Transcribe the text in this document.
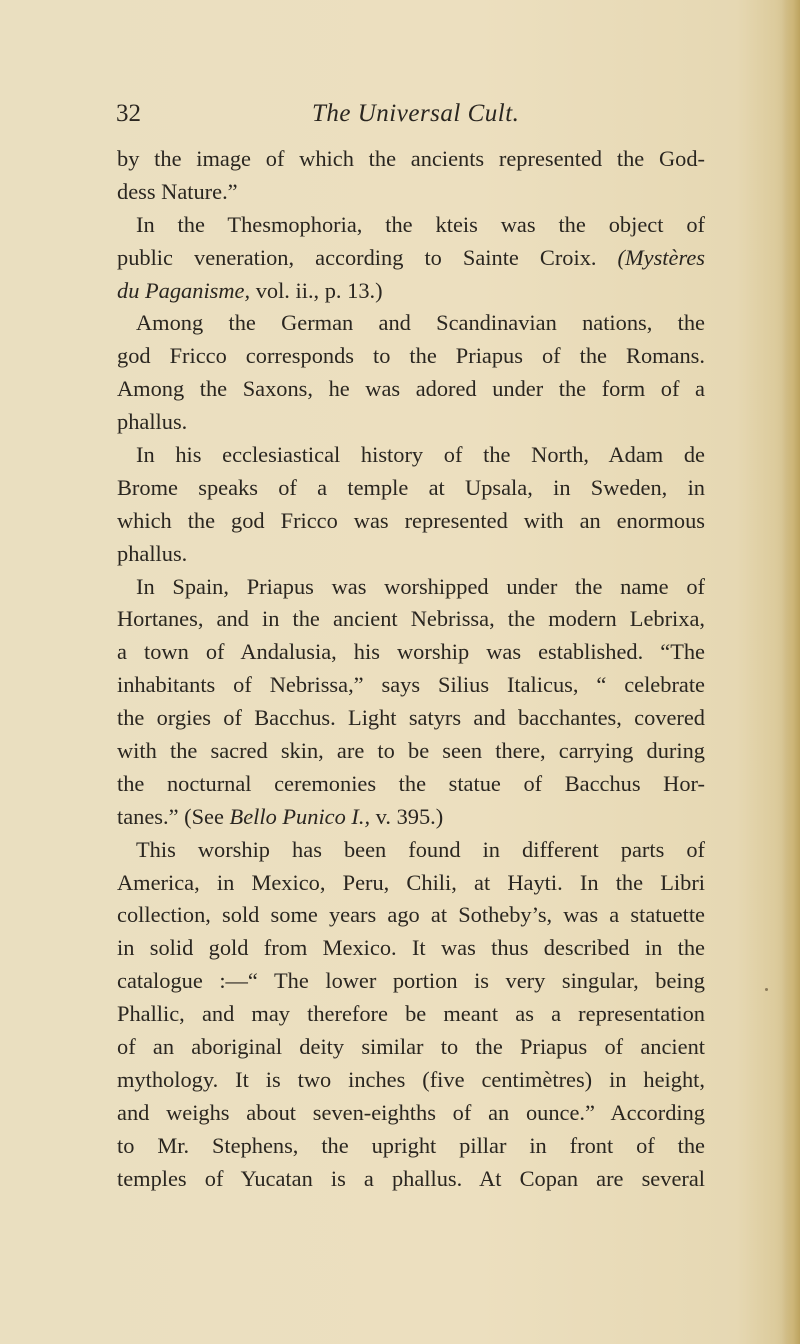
32	The Universal Cult.
by the image of which the ancients represented the God-
dess Nature.”
In the Thesmophoria, the kteis was the object of
public veneration, according to Sainte Croix. (Mystères
du Paganisme, vol. ii., p. 13.)
Among the German and Scandinavian nations, the
god Fricco corresponds to the Priapus of the Romans.
Among the Saxons, he was adored under the form of a
phallus.
In his ecclesiastical history of the North, Adam de
Brome speaks of a temple at Upsala, in Sweden, in
which the god Fricco was represented with an enormous
phallus.
In Spain, Priapus was worshipped under the name of
Hortanes, and in the ancient Nebrissa, the modern Lebrixa,
a town of Andalusia, his worship was established. “The
inhabitants of Nebrissa,” says Silius Italicus, “ celebrate
the orgies of Bacchus. Light satyrs and bacchantes, covered
with the sacred skin, are to be seen there, carrying during
the nocturnal ceremonies the statue of Bacchus Hor-
tanes.” (See Bello Punico I., v. 395.)
This worship has been found in different parts of
America, in Mexico, Peru, Chili, at Hayti. In the Libri
collection, sold some years ago at Sotheby’s, was a statuette
in solid gold from Mexico. It was thus described in the
catalogue :—“ The lower portion is very singular, being
Phallic, and may therefore be meant as a representation
of an aboriginal deity similar to the Priapus of ancient
mythology. It is two inches (five centimètres) in height,
and weighs about seven-eighths of an ounce.” According
to Mr. Stephens, the upright pillar in front of the
temples of Yucatan is a phallus. At Copan are several
